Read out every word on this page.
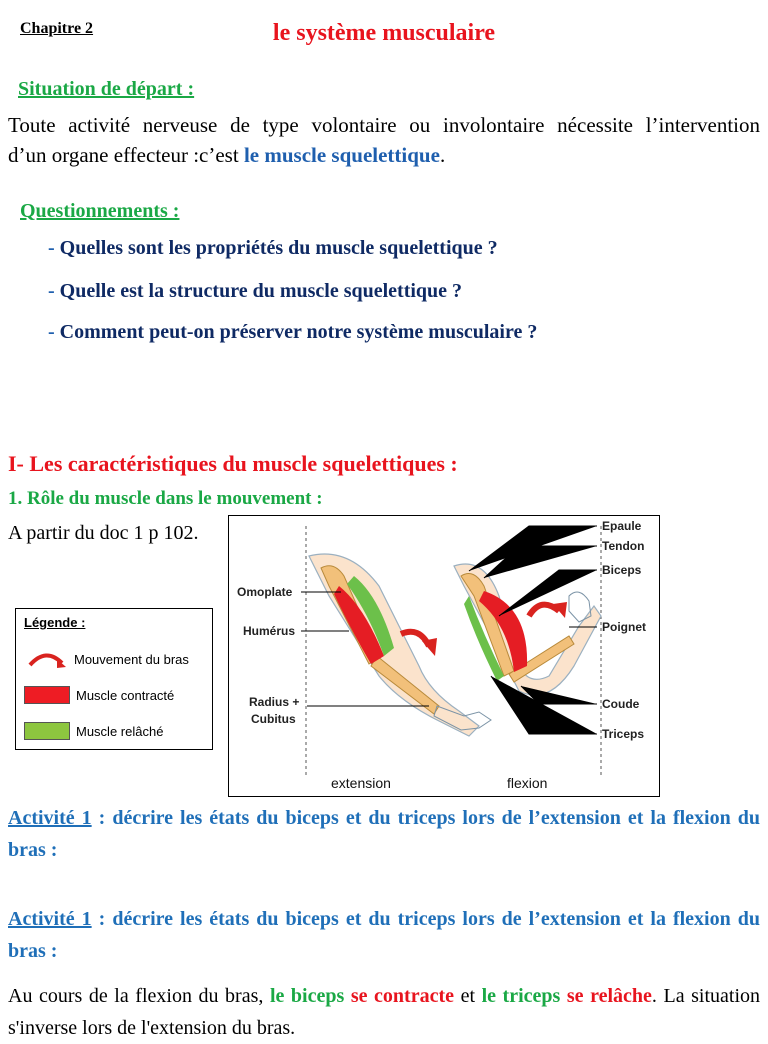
Chapitre 2	le système musculaire
Situation de départ :
Toute activité nerveuse de type volontaire ou involontaire nécessite l’intervention
d’un organe effecteur :c’est le muscle squelettique.
Questionnements :
- Quelles sont les propriétés du muscle squelettique ?
- Quelle est la structure du muscle squelettique ?
- Comment peut-on préserver notre système musculaire ?
I- Les caractéristiques du muscle squelettiques :
1. Rôle du muscle dans le mouvement :
A partir du doc 1 p 102.
Légende :
Mouvement du bras
Muscle contracté
Muscle relâché
Omoplate
Humérus
Radius +
Cubitus
Epaule
Tendon
Biceps
Poignet
Coude
Triceps
extension	flexion
Activité 1 : décrire les états du biceps et du triceps lors de l’extension et la flexion du bras :
Activité 1 : décrire les états du biceps et du triceps lors de l’extension et la flexion du bras :
Au cours de la flexion du bras, le biceps se contracte et le triceps se relâche. La situation s'inverse lors de l'extension du bras.
